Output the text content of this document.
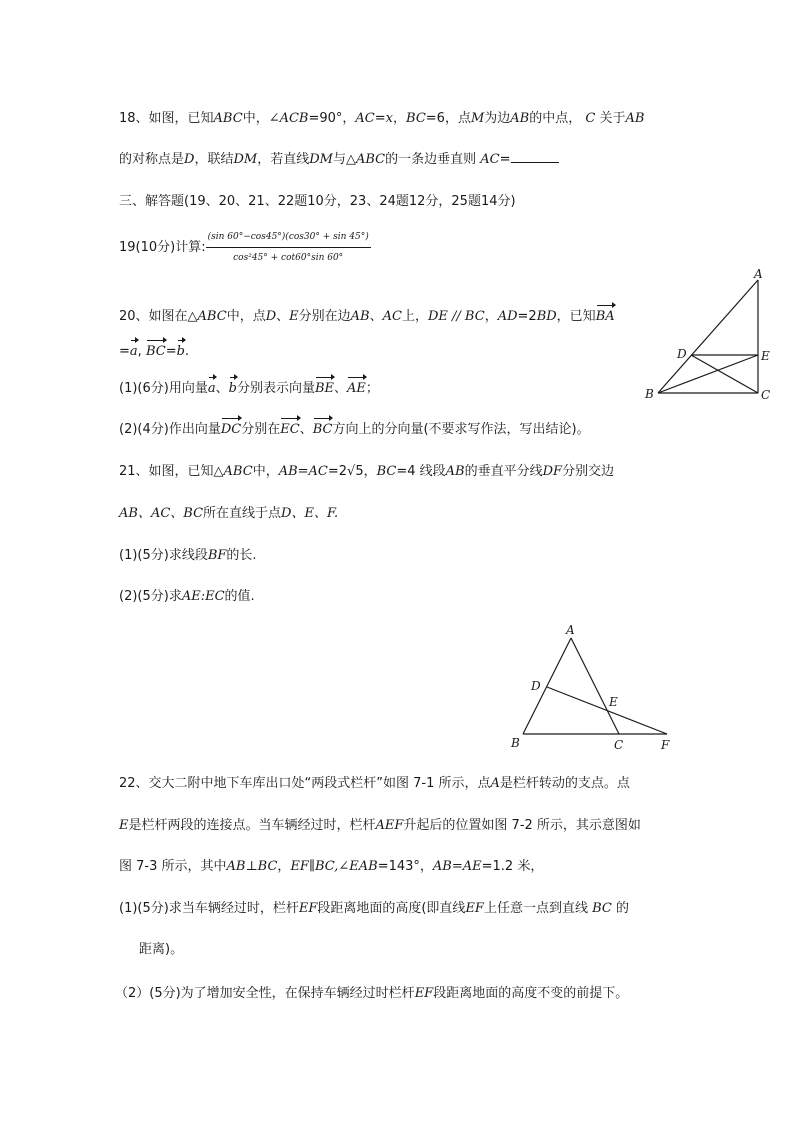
18、如图，已知ABC中，∠ACB=90°，AC=x，BC=6，点M为边AB的中点， C 关于AB
的对称点是D，联结DM，若直线DM与△ABC的一条边垂直则 AC=
三、解答题(19、20、21、22题10分，23、24题12分，25题14分)
19(10分)计算: $\frac{(\sin 60^\circ-\cos 45^\circ)(\cos 30^\circ + \sin 45^\circ)}{\text{cos²45° + cot60°sin 60°}}$
20、如图在△ABC中，点D、E分别在边AB、AC上，DE // BC，AD=2BD，已知BA
=a, BC=b.
(1)(6分)用向量a、b分别表示向量BE、AE；
(2)(4分)作出向量DC分别在EC、BC方向上的分向量(不要求写作法，写出结论)。
A
D	E
B	C
21、如图，已知△ABC中，AB=AC=2√5，BC=4 线段AB的垂直平分线DF分别交边
AB、AC、BC所在直线于点D、E、F.
(1)(5分)求线段BF的长.
(2)(5分)求AE:EC的值.
A
D
E
B	C	F
22、交大二附中地下车库出口处“两段式栏杆”如图 7-1 所示，点A是栏杆转动的支点。点
E是栏杆两段的连接点。当车辆经过时，栏杆AEF升起后的位置如图 7-2 所示，其示意图如
图 7-3 所示，其中AB⊥BC，EF∥BC,∠EAB=143°，AB=AE=1.2 米，
(1)(5分)求当车辆经过时，栏杆EF段距离地面的高度(即直线EF上任意一点到直线 BC 的
距离)。
（2）(5分)为了增加安全性，在保持车辆经过时栏杆EF段距离地面的高度不变的前提下。
